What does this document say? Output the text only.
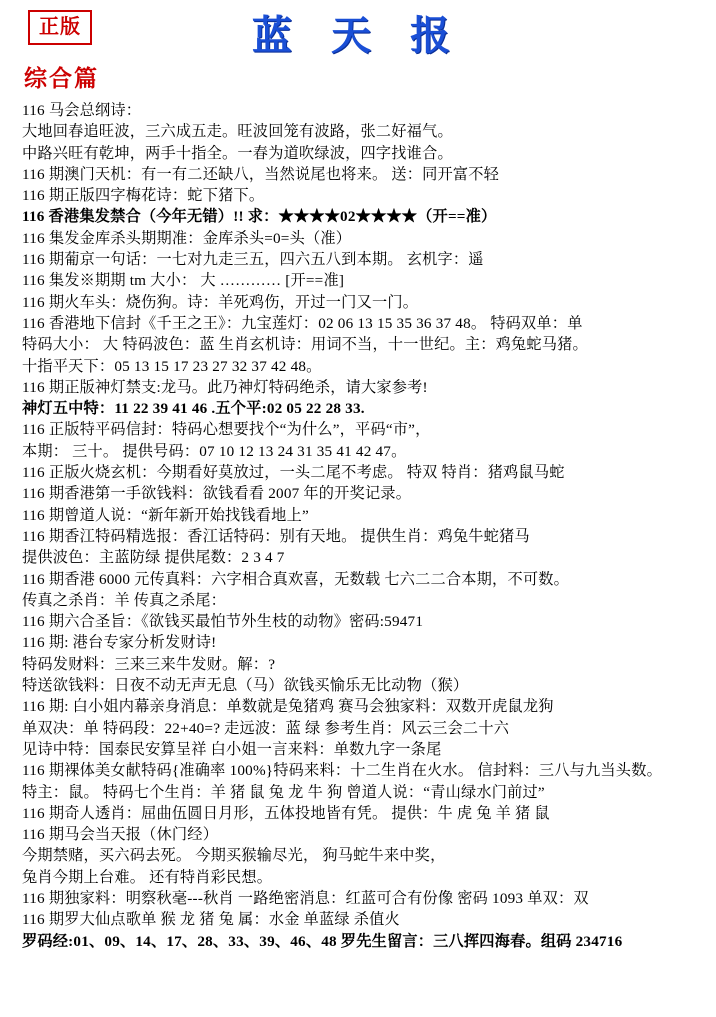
正版	蓝 天 报
综合篇
116 马会总纲诗：
大地回春追旺波，三六成五走。旺波回笼有波路，张二好福气。
中路兴旺有乾坤，两手十指全。一春为道吹绿波，四字找谁合。
116 期澳门天机：有一有二还缺八，当然说尾也将来。 送：同开富不轻
116 期正版四字梅花诗：蛇下猪下。
116 香港集发禁合（今年无错）!! 求：★★★★02★★★★（开==准）
116 集发金库杀头期期准：金库杀头=0=头（准）
116 期葡京一句话：一七对九走三五，四六五八到本期。 玄机字：遥
116 集发※期期 tm 大小： 大 ………… [开==准]
116 期火车头：烧伤狗。诗：羊死鸡伤，开过一门又一门。
116 香港地下信封《千王之王》：九宝莲灯：02 06 13 15 35 36 37 48。 特码双单：单
特码大小： 大 特码波色：蓝 生肖玄机诗：用词不当，十一世纪。主：鸡兔蛇马猪。
十指平天下：05 13 15 17 23 27 32 37 42 48。
116 期正版神灯禁支:龙马。此乃神灯特码绝杀，请大家参考!
神灯五中特：11 22 39 41 46 .五个平:02 05 22 28 33.
116 正版特平码信封：特码心想要找个“为什么”，平码“市”，
本期： 三十。 提供号码：07 10 12 13 24 31 35 41 42 47。
116 正版火烧玄机：今期看好莫放过，一头二尾不考虑。 特双 特肖：猪鸡鼠马蛇
116 期香港第一手欲钱料：欲钱看看 2007 年的开奖记录。
116 期曾道人说：“新年新开始找钱看地上”
116 期香江特码精选报：香江话特码：别有天地。 提供生肖：鸡兔牛蛇猪马
提供波色：主蓝防绿 提供尾数：2 3 4 7
116 期香港 6000 元传真料：六字相合真欢喜，无数载 七六二二合本期，不可数。
传真之杀肖：羊 传真之杀尾：
116 期六合圣旨：《欲钱买最怕节外生枝的动物》密码:59471
116 期: 港台专家分析发财诗!
特码发财料：三来三来牛发财。解：?
特送欲钱料：日夜不动无声无息（马）欲钱买愉乐无比动物（猴）
116 期: 白小姐内幕亲身消息：单数就是兔猪鸡 赛马会独家料：双数开虎鼠龙狗
单双决：单 特码段：22+40=? 走远波：蓝 绿 参考生肖：风云三会二十六
见诗中特：国泰民安算呈祥 白小姐一言来料：单数九字一条尾
116 期裸体美女献特码{准确率 100%}特码来料：十二生肖在火水。 信封料：三八与九当头数。
特主：鼠。 特码七个生肖：羊 猪 鼠 兔 龙 牛 狗 曾道人说：“青山绿水门前过”
116 期奇人透肖：屈曲伍圆日月形，五体投地皆有凭。 提供：牛 虎 兔 羊 猪 鼠
116 期马会当天报（休门经）
今期禁赌，买六码去死。 今期买猴输尽光， 狗马蛇牛来中奖，
兔肖今期上台难。 还有特肖彩民想。
116 期独家料：明察秋毫---秋肖 一路绝密消息：红蓝可合有份像 密码 1093 单双：双
116 期罗大仙点歌单 猴 龙 猪 兔 属：水金 单蓝绿 杀值火
罗码经:01、09、14、17、28、33、39、46、48 罗先生留言：三八挥四海春。组码 234716
